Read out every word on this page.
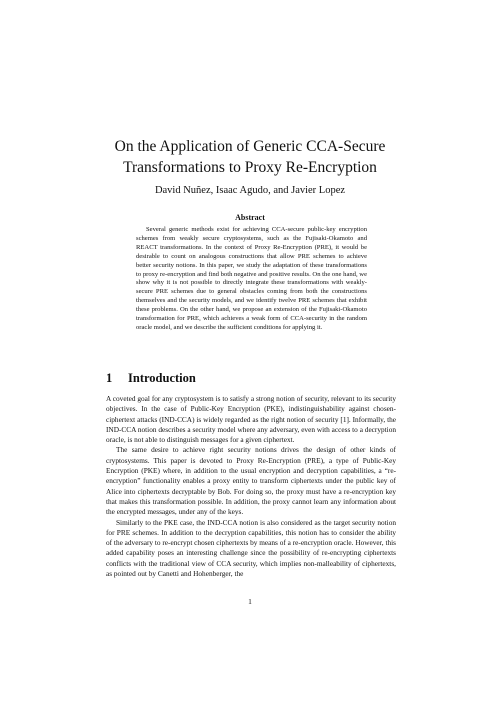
On the Application of Generic CCA-Secure
Transformations to Proxy Re-Encryption
David Nuñez, Isaac Agudo, and Javier Lopez
Abstract

Several generic methods exist for achieving CCA-secure public-key encryption schemes from weakly secure cryptosystems, such as the Fujisaki-Okamoto and REACT transformations. In the context of Proxy Re-Encryption (PRE), it would be desirable to count on analogous constructions that allow PRE schemes to achieve better security notions. In this paper, we study the adaptation of these transformations to proxy re-encryption and find both negative and positive results. On the one hand, we show why it is not possible to directly integrate these transformations with weakly-secure PRE schemes due to general obstacles coming from both the constructions themselves and the security models, and we identify twelve PRE schemes that exhibit these problems. On the other hand, we propose an extension of the Fujisaki-Okamoto transformation for PRE, which achieves a weak form of CCA-security in the random oracle model, and we describe the sufficient conditions for applying it.

1 Introduction

A coveted goal for any cryptosystem is to satisfy a strong notion of security, relevant to its security objectives. In the case of Public-Key Encryption (PKE), indistinguishability against chosen-ciphertext attacks (IND-CCA) is widely regarded as the right notion of security [1]. Informally, the IND-CCA notion describes a security model where any adversary, even with access to a decryption oracle, is not able to distinguish messages for a given ciphertext.

The same desire to achieve right security notions drives the design of other kinds of cryptosystems. This paper is devoted to Proxy Re-Encryption (PRE), a type of Public-Key Encryption (PKE) where, in addition to the usual encryption and decryption capabilities, a “re-encryption” functionality enables a proxy entity to transform ciphertexts under the public key of Alice into ciphertexts decryptable by Bob. For doing so, the proxy must have a re-encryption key that makes this transformation possible. In addition, the proxy cannot learn any information about the encrypted messages, under any of the keys.

Similarly to the PKE case, the IND-CCA notion is also considered as the target security notion for PRE schemes. In addition to the decryption capabilities, this notion has to consider the ability of the adversary to re-encrypt chosen ciphertexts by means of a re-encryption oracle. However, this added capability poses an interesting challenge since the possibility of re-encrypting ciphertexts conflicts with the traditional view of CCA security, which implies non-malleability of ciphertexts, as pointed out by Canetti and Hohenberger, the

1
